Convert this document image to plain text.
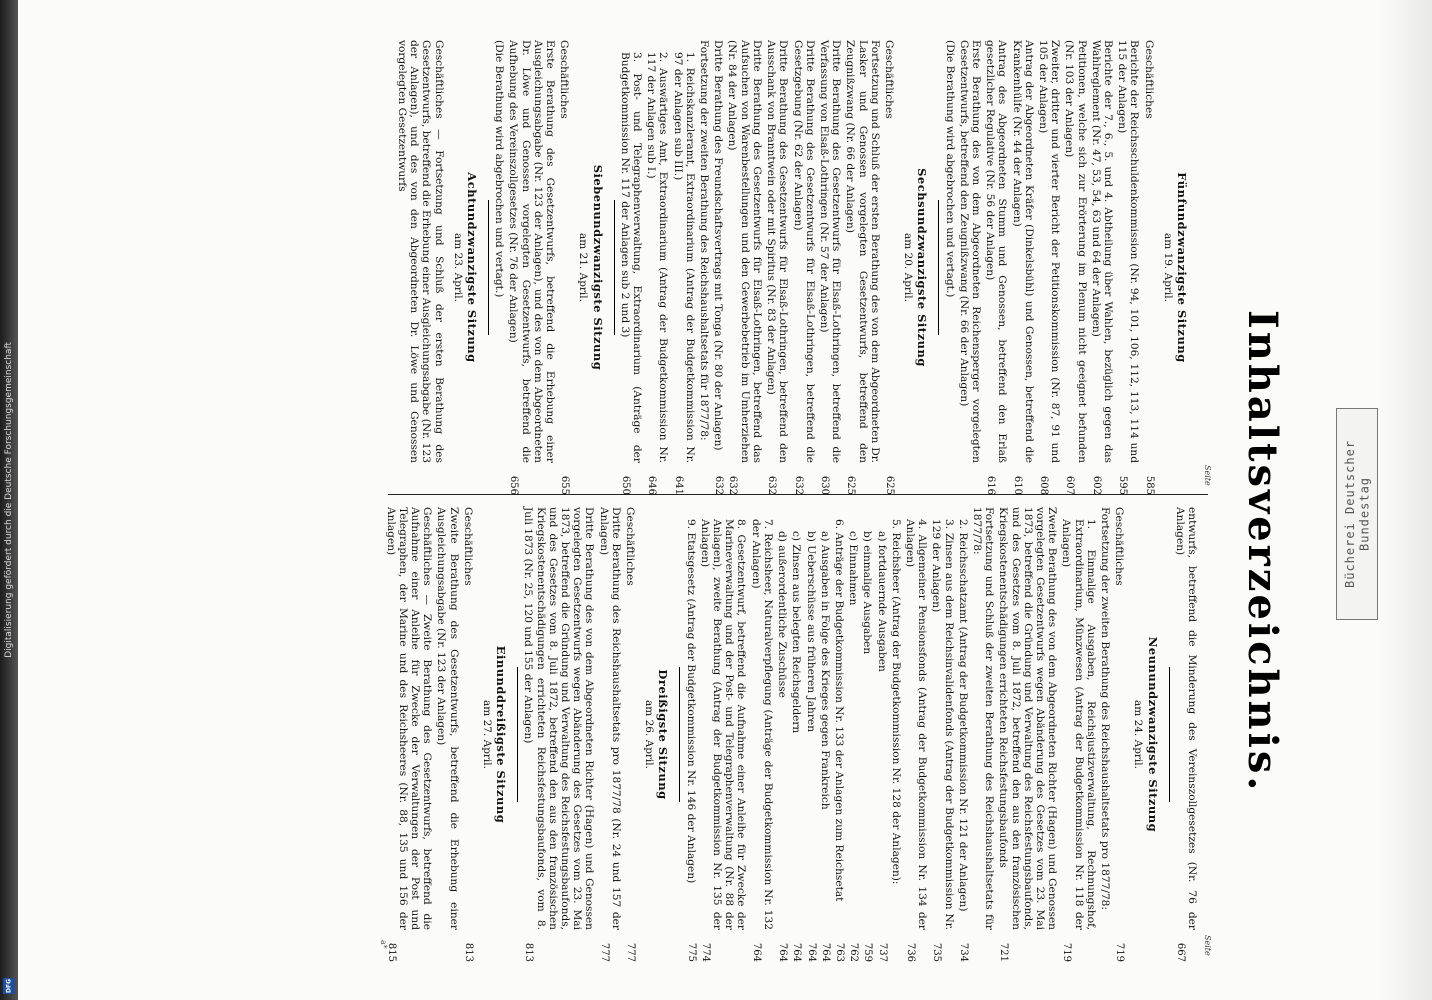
Bücherei Deutscher Bundestag
Inhaltsverzeichnis.
Seite
Seite
Fünfundzwanzigste Sitzung
am 19. April.
Geschäftliches
585
Berichte der Reichsschuldenkommission (Nr. 94, 101, 106, 112, 113, 114 und 115 der Anlagen)
595
Berichte der 7., 6., 5. und 4. Abtheilung über Wahlen, bezüglich gegen das Wahlreglement (Nr. 47, 53, 54, 63 und 64 der Anlagen)
602
Petitionen, welche sich zur Erörterung im Plenum nicht geeignet befunden (Nr. 103 der Anlagen)
607
Zweiter, dritter und vierter Bericht der Petitionskommission (Nr. 87, 91 und 105 der Anlagen)
608
Antrag der Abgeordneten Kräfer (Dinkelsbühl) und Genossen, betreffend die Krankenhülfe (Nr. 44 der Anlagen)
610
Antrag des Abgeordneten Stumm und Genossen, betreffend den Erlaß gesetzlicher Regulative (Nr. 56 der Anlagen)
616
Erste Berathung des von dem Abgeordneten Reichensperger vorgelegten Gesetzentwurfs, betreffend den Zeugnißzwang (Nr. 66 der Anlagen)
(Die Berathung wird abgebrochen und vertagt.)
Sechsundzwanzigste Sitzung
am 20. April.
Geschäftliches
625
Fortsetzung und Schluß der ersten Berathung des von dem Abgeordneten Dr. Lasker und Genossen vorgelegten Gesetzentwurfs, betreffend den Zeugnißzwang (Nr. 66 der Anlagen)
625
Dritte Berathung des Gesetzentwurfs für Elsaß-Lothringen, betreffend die Verfassung von Elsaß-Lothringen (Nr. 57 der Anlagen)
630
Dritte Berathung des Gesetzentwurfs für Elsaß-Lothringen, betreffend die Gesetzgebung (Nr. 62 der Anlagen)
632
Dritte Berathung des Gesetzentwurfs für Elsaß-Lothringen, betreffend den Ausschank von Branntwein oder mit Spiritus (Nr. 83 der Anlagen)
632
Dritte Berathung des Gesetzentwurfs für Elsaß-Lothringen, betreffend das Aufsuchen von Warenbestellungen und den Gewerbebetrieb im Umherziehen (Nr. 84 der Anlagen)
632
Dritte Berathung des Freundschaftsvertrags mit Tonga (Nr. 80 der Anlagen)
632
Fortsetzung der zweiten Berathung des Reichshaushaltsetats für 1877/78:
1. Reichskanzleramt, Extraordinarium (Antrag der Budgetkommission Nr. 97 der Anlagen sub III.)
641
2. Auswärtiges Amt, Extraordinarium (Antrag der Budgetkommission Nr. 117 der Anlagen sub I.)
646
3. Post- und Telegraphenverwaltung, Extraordinarium (Anträge der Budgetkommission Nr. 117 der Anlagen sub 2 und 3)
650
Siebenundzwanzigste Sitzung
am 21. April.
Geschäftliches
655
Erste Berathung des Gesetzentwurfs, betreffend die Erhebung einer Ausgleichungsabgabe (Nr. 123 der Anlagen), und des von dem Abgeordneten Dr. Löwe und Genossen vorgelegten Gesetzentwurfs, betreffend die Aufhebung des Vereinszollgesetzes (Nr. 76 der Anlagen)
656
(Die Berathung wird abgebrochen und vertagt.)
Achtundzwanzigste Sitzung
am 23. April.
Geschäftliches — Fortsetzung und Schluß der ersten Berathung des Gesetzentwurfs, betreffend die Erhebung einer Ausgleichungsabgabe (Nr. 123 der Anlagen), und des von den Abgeordneten Dr. Löwe und Genossen vorgelegten Gesetzentwurfs
entwurfs, betreffend die Minderung des Vereinszollgesetzes (Nr. 76 der Anlagen)
667
Neunundzwanzigste Sitzung
am 24. April.
Geschäftliches
719
Fortsetzung der zweiten Berathung des Reichshaushaltsetats pro 1877/78:
1. Einmalige Ausgaben, Reichsjustizverwaltung, Rechnungshof, Extraordinarium, Münzwesen (Antrag der Budgetkommission Nr. 118 der Anlagen)
719
Zweite Berathung des von dem Abgeordneten Richter (Hagen) und Genossen vorgelegten Gesetzentwurfs wegen Abänderung des Gesetzes vom 23. Mai 1873, betreffend die Gründung und Verwaltung des Reichsfestungsbaufonds, und des Gesetzes vom 8. Juli 1872, betreffend den aus den französischen Kriegskostenentschädigungen errichteten Reichsfestungsbaufonds
721
Fortsetzung und Schluß der zweiten Berathung des Reichshaushaltsetats für 1877/78:
2. Reichsschatzamt (Antrag der Budgetkommission Nr. 121 der Anlagen)
734
3. Zinsen aus dem Reichsinvalidenfonds (Antrag der Budgetkommission Nr. 129 der Anlagen)
735
4. Allgemeiner Pensionsfonds (Antrag der Budgetkommission Nr. 134 der Anlagen)
736
5. Reichsheer (Antrag der Budgetkommission Nr. 128 der Anlagen):
a) fortdauernde Ausgaben
737
b) einmalige Ausgaben
759
c) Einnahmen
762
6. Anträge der Budgetkommission Nr. 133 der Anlagen zum Reichsetat
763
a) Ausgaben in Folge des Krieges gegen Frankreich
764
b) Ueberschüsse aus früheren Jahren
764
c) Zinsen aus belegten Reichsgeldern
764
d) außerordentliche Zuschüsse
764
7. Reichsheer, Naturalverpflegung (Anträge der Budgetkommission Nr. 132 der Anlagen)
764
8. Gesetzentwurf, betreffend die Aufnahme einer Anleihe für Zwecke der Marineverwaltung und der Post- und Telegraphenverwaltung (Nr. 88 der Anlagen), zweite Berathung (Antrag der Budgetkommission Nr. 135 der Anlagen)
774
9. Etatsgesetz (Antrag der Budgetkommission Nr. 146 der Anlagen)
775
Dreißigste Sitzung
am 26. April.
Geschäftliches
777
Dritte Berathung des Reichshaushaltsetats pro 1877/78 (Nr. 24 und 157 der Anlagen)
777
Dritte Berathung des von dem Abgeordneten Richter (Hagen) und Genossen vorgelegten Gesetzentwurfs wegen Abänderung des Gesetzes vom 23. Mai 1873, betreffend die Gründung und Verwaltung des Reichsfestungsbaufonds, und des Gesetzes vom 8. Juli 1872, betreffend den aus den französischen Kriegskostenentschädigungen errichteten Reichsfestungsbaufonds, vom 8. Juli 1873 (Nr. 25, 120 und 155 der Anlagen)
813
Einunddreißigste Sitzung
am 27. April.
Geschäftliches
813
Zweite Berathung des Gesetzentwurfs, betreffend die Erhebung einer Ausgleichungsabgabe (Nr. 123 der Anlagen)
Geschäftliches — Zweite Berathung des Gesetzentwurfs, betreffend die Aufnahme einer Anleihe für Zwecke der Verwaltungen der Post und Telegraphen, der Marine und des Reichsheeres (Nr. 88, 135 und 156 der Anlagen)
815
a*
Digitalisierung gefördert durch die Deutsche Forschungsgemeinschaft
DFG
